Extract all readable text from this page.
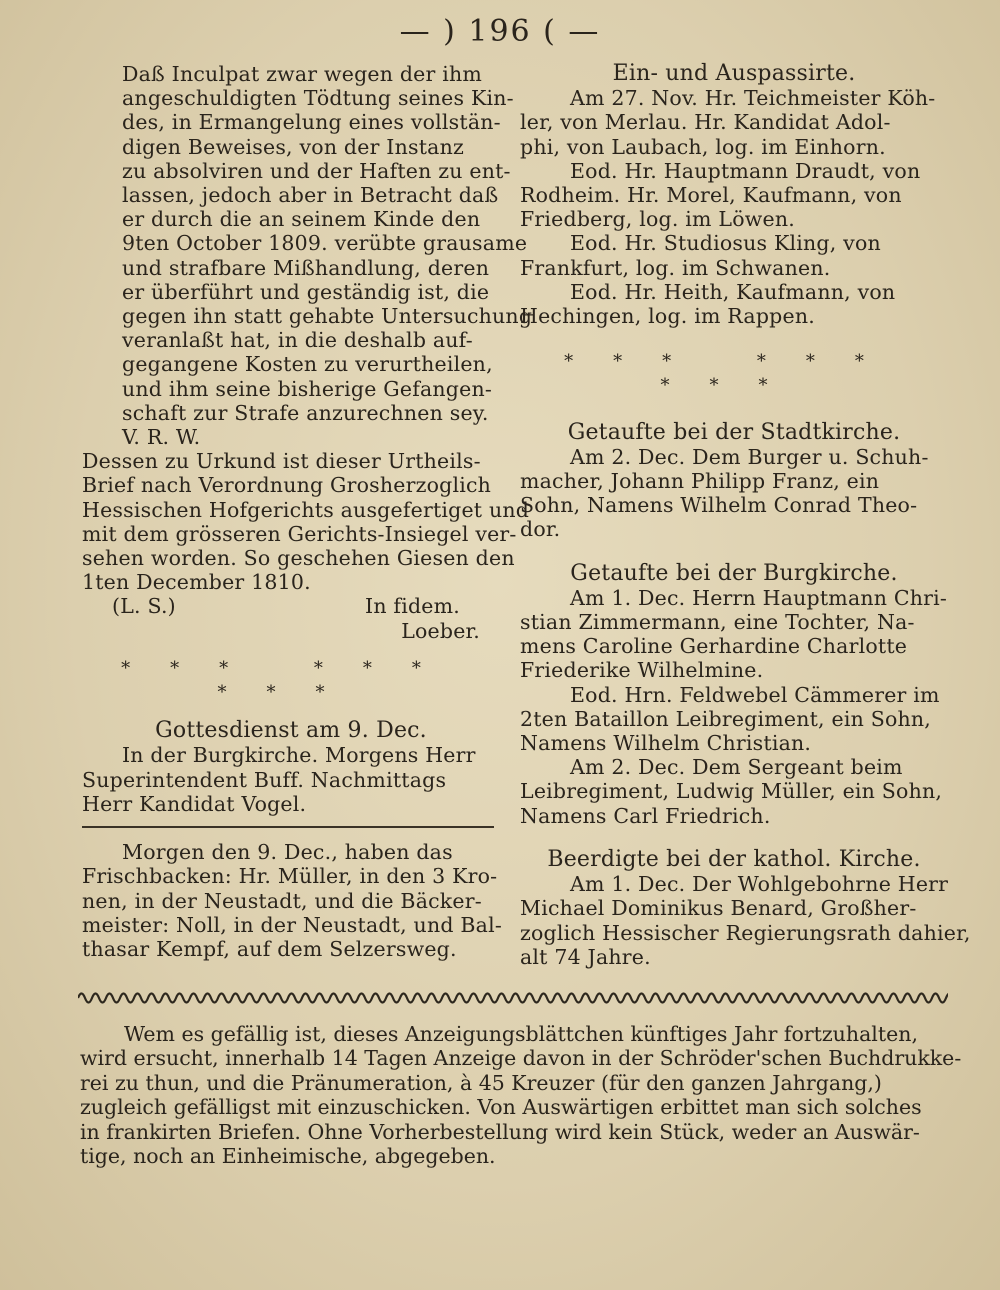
— ) 196 ( —

Daß Inculpat zwar wegen der ihm
angeschuldigten Tödtung seines Kin-
des, in Ermangelung eines vollstän-
digen Beweises, von der Instanz
zu absolviren und der Haften zu ent-
lassen, jedoch aber in Betracht daß
er durch die an seinem Kinde den
9ten October 1809. verübte grausame
und strafbare Mißhandlung, deren
er überführt und geständig ist, die
gegen ihn statt gehabte Untersuchung
veranlaßt hat, in die deshalb auf-
gegangene Kosten zu verurtheilen,
und ihm seine bisherige Gefangen-
schaft zur Strafe anzurechnen sey.
V. R. W.

Dessen zu Urkund ist dieser Urtheils-
Brief nach Verordnung Grosherzoglich
Hessischen Hofgerichts ausgefertiget und
mit dem grösseren Gerichts-Insiegel ver-
sehen worden. So geschehen Giesen den
1ten December 1810.

(L. S.)	In fidem.
Loeber.
*** *** ***
Gottesdienst am 9. Dec.

In der Burgkirche. Morgens Herr
Superintendent Buff. Nachmittags
Herr Kandidat Vogel.

Morgen den 9. Dec., haben das
Frischbacken: Hr. Müller, in den 3 Kro-
nen, in der Neustadt, und die Bäcker-
meister: Noll, in der Neustadt, und Bal-
thasar Kempf, auf dem Selzersweg.

Ein- und Auspassirte.

Am 27. Nov. Hr. Teichmeister Köh-
ler, von Merlau. Hr. Kandidat Adol-
phi, von Laubach, log. im Einhorn.
Eod. Hr. Hauptmann Draudt, von
Rodheim. Hr. Morel, Kaufmann, von
Friedberg, log. im Löwen.
Eod. Hr. Studiosus Kling, von
Frankfurt, log. im Schwanen.
Eod. Hr. Heith, Kaufmann, von
Hechingen, log. im Rappen.

*** *** ***
Getaufte bei der Stadtkirche.

Am 2. Dec. Dem Burger u. Schuh-
macher, Johann Philipp Franz, ein
Sohn, Namens Wilhelm Conrad Theo-
dor.

Getaufte bei der Burgkirche.

Am 1. Dec. Herrn Hauptmann Chri-
stian Zimmermann, eine Tochter, Na-
mens Caroline Gerhardine Charlotte
Friederike Wilhelmine.
Eod. Hrn. Feldwebel Cämmerer im
2ten Bataillon Leibregiment, ein Sohn,
Namens Wilhelm Christian.
Am 2. Dec. Dem Sergeant beim
Leibregiment, Ludwig Müller, ein Sohn,
Namens Carl Friedrich.

Beerdigte bei der kathol. Kirche.

Am 1. Dec. Der Wohlgebohrne Herr
Michael Dominikus Benard, Großher-
zoglich Hessischer Regierungsrath dahier,
alt 74 Jahre.

Wem es gefällig ist, dieses Anzeigungsblättchen künftiges Jahr fortzuhalten,
wird ersucht, innerhalb 14 Tagen Anzeige davon in der Schröder'schen Buchdrukke-
rei zu thun, und die Pränumeration, à 45 Kreuzer (für den ganzen Jahrgang,)
zugleich gefälligst mit einzuschicken. Von Auswärtigen erbittet man sich solches
in frankirten Briefen. Ohne Vorherbestellung wird kein Stück, weder an Auswär-
tige, noch an Einheimische, abgegeben.
